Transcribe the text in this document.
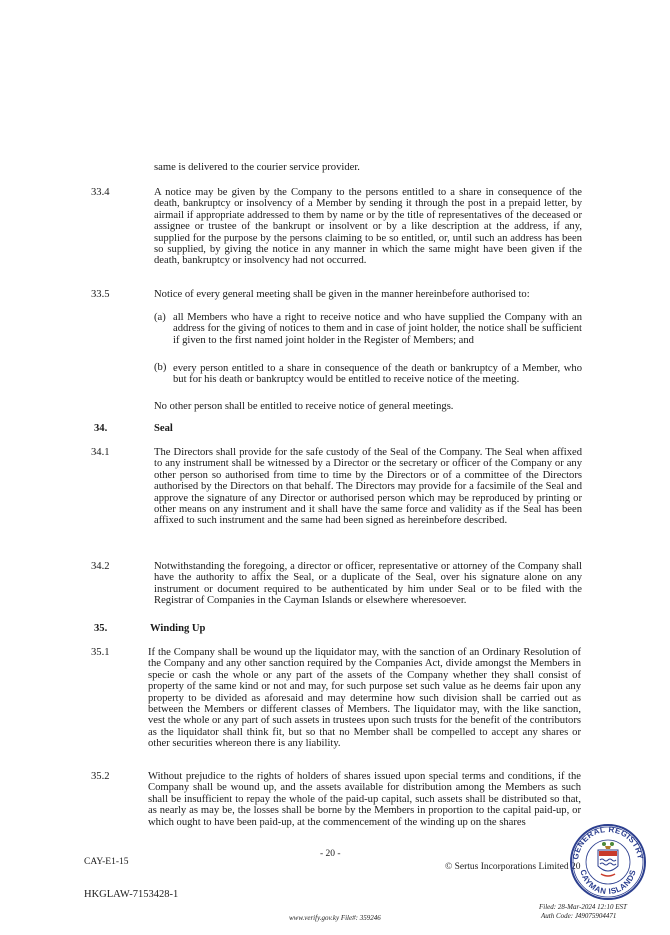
same is delivered to the courier service provider.
33.4	A notice may be given by the Company to the persons entitled to a share in consequence of the death, bankruptcy or insolvency of a Member by sending it through the post in a prepaid letter, by airmail if appropriate addressed to them by name or by the title of representatives of the deceased or assignee or trustee of the bankrupt or insolvent or by a like description at the address, if any, supplied for the purpose by the persons claiming to be so entitled, or, until such an address has been so supplied, by giving the notice in any manner in which the same might have been given if the death, bankruptcy or insolvency had not occurred.
33.5	Notice of every general meeting shall be given in the manner hereinbefore authorised to:
(a) all Members who have a right to receive notice and who have supplied the Company with an address for the giving of notices to them and in case of joint holder, the notice shall be sufficient if given to the first named joint holder in the Register of Members; and
(b) every person entitled to a share in consequence of the death or bankruptcy of a Member, who but for his death or bankruptcy would be entitled to receive notice of the meeting.
No other person shall be entitled to receive notice of general meetings.
34.	Seal
34.1	The Directors shall provide for the safe custody of the Seal of the Company. The Seal when affixed to any instrument shall be witnessed by a Director or the secretary or officer of the Company or any other person so authorised from time to time by the Directors or of a committee of the Directors authorised by the Directors on that behalf. The Directors may provide for a facsimile of the Seal and approve the signature of any Director or authorised person which may be reproduced by printing or other means on any instrument and it shall have the same force and validity as if the Seal has been affixed to such instrument and the same had been signed as hereinbefore described.
34.2	Notwithstanding the foregoing, a director or officer, representative or attorney of the Company shall have the authority to affix the Seal, or a duplicate of the Seal, over his signature alone on any instrument or document required to be authenticated by him under Seal or to be filed with the Registrar of Companies in the Cayman Islands or elsewhere wheresoever.
35.	Winding Up
35.1	If the Company shall be wound up the liquidator may, with the sanction of an Ordinary Resolution of the Company and any other sanction required by the Companies Act, divide amongst the Members in specie or cash the whole or any part of the assets of the Company whether they shall consist of property of the same kind or not and may, for such purpose set such value as he deems fair upon any property to be divided as aforesaid and may determine how such division shall be carried out as between the Members or different classes of Members. The liquidator may, with the like sanction, vest the whole or any part of such assets in trustees upon such trusts for the benefit of the contributors as the liquidator shall think fit, but so that no Member shall be compelled to accept any shares or other securities whereon there is any liability.
35.2	Without prejudice to the rights of holders of shares issued upon special terms and conditions, if the Company shall be wound up, and the assets available for distribution among the Members as such shall be insufficient to repay the whole of the paid-up capital, such assets shall be distributed so that, as nearly as may be, the losses shall be borne by the Members in proportion to the capital paid-up, or which ought to have been paid-up, at the commencement of the winding up on the shares
- 20 -
CAY-E1-15	© Sertus Incorporations Limited 20
HKGLAW-7153428-1
www.verify.gov.ky File#: 359246
Filed: 28-Mar-2024 12:10 EST
Auth Code: J49075904471
GENERAL REGISTRY
CAYMAN ISLANDS
